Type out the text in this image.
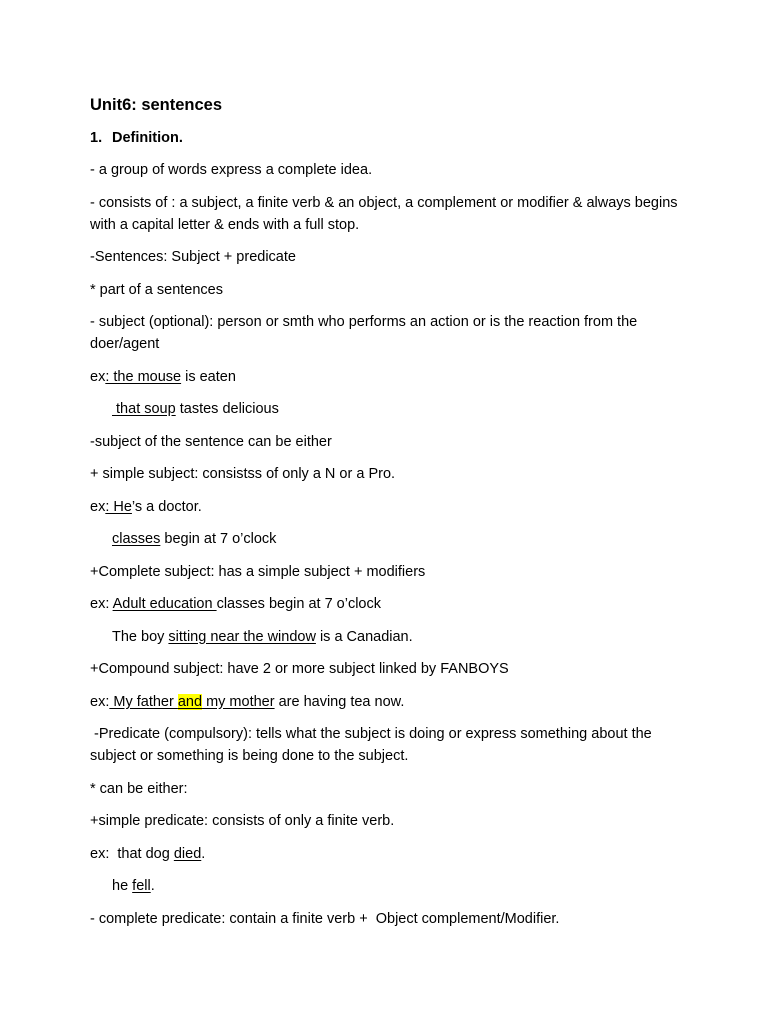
Unit6: sentences
1. Definition.

- a group of words express a complete idea.

- consists of : a subject, a finite verb & an object, a complement or modifier & always begins with a capital letter & ends with a full stop.

-Sentences: Subject + predicate

* part of a sentences

- subject (optional): person or smth who performs an action or is the reaction from the doer/agent

ex: the mouse is eaten

that soup tastes delicious

-subject of the sentence can be either

+ simple subject: consistss of only a N or a Pro.

ex: He’s a doctor.

classes begin at 7 o’clock

+Complete subject: has a simple subject + modifiers

ex: Adult education classes begin at 7 o’clock

The boy sitting near the window is a Canadian.

+Compound subject: have 2 or more subject linked by FANBOYS

ex: My father and my mother are having tea now.

-Predicate (compulsory): tells what the subject is doing or express something about the subject or something is being done to the subject.

* can be either:

+simple predicate: consists of only a finite verb.

ex:  that dog died.

he fell.

- complete predicate: contain a finite verb +  Object complement/Modifier.
